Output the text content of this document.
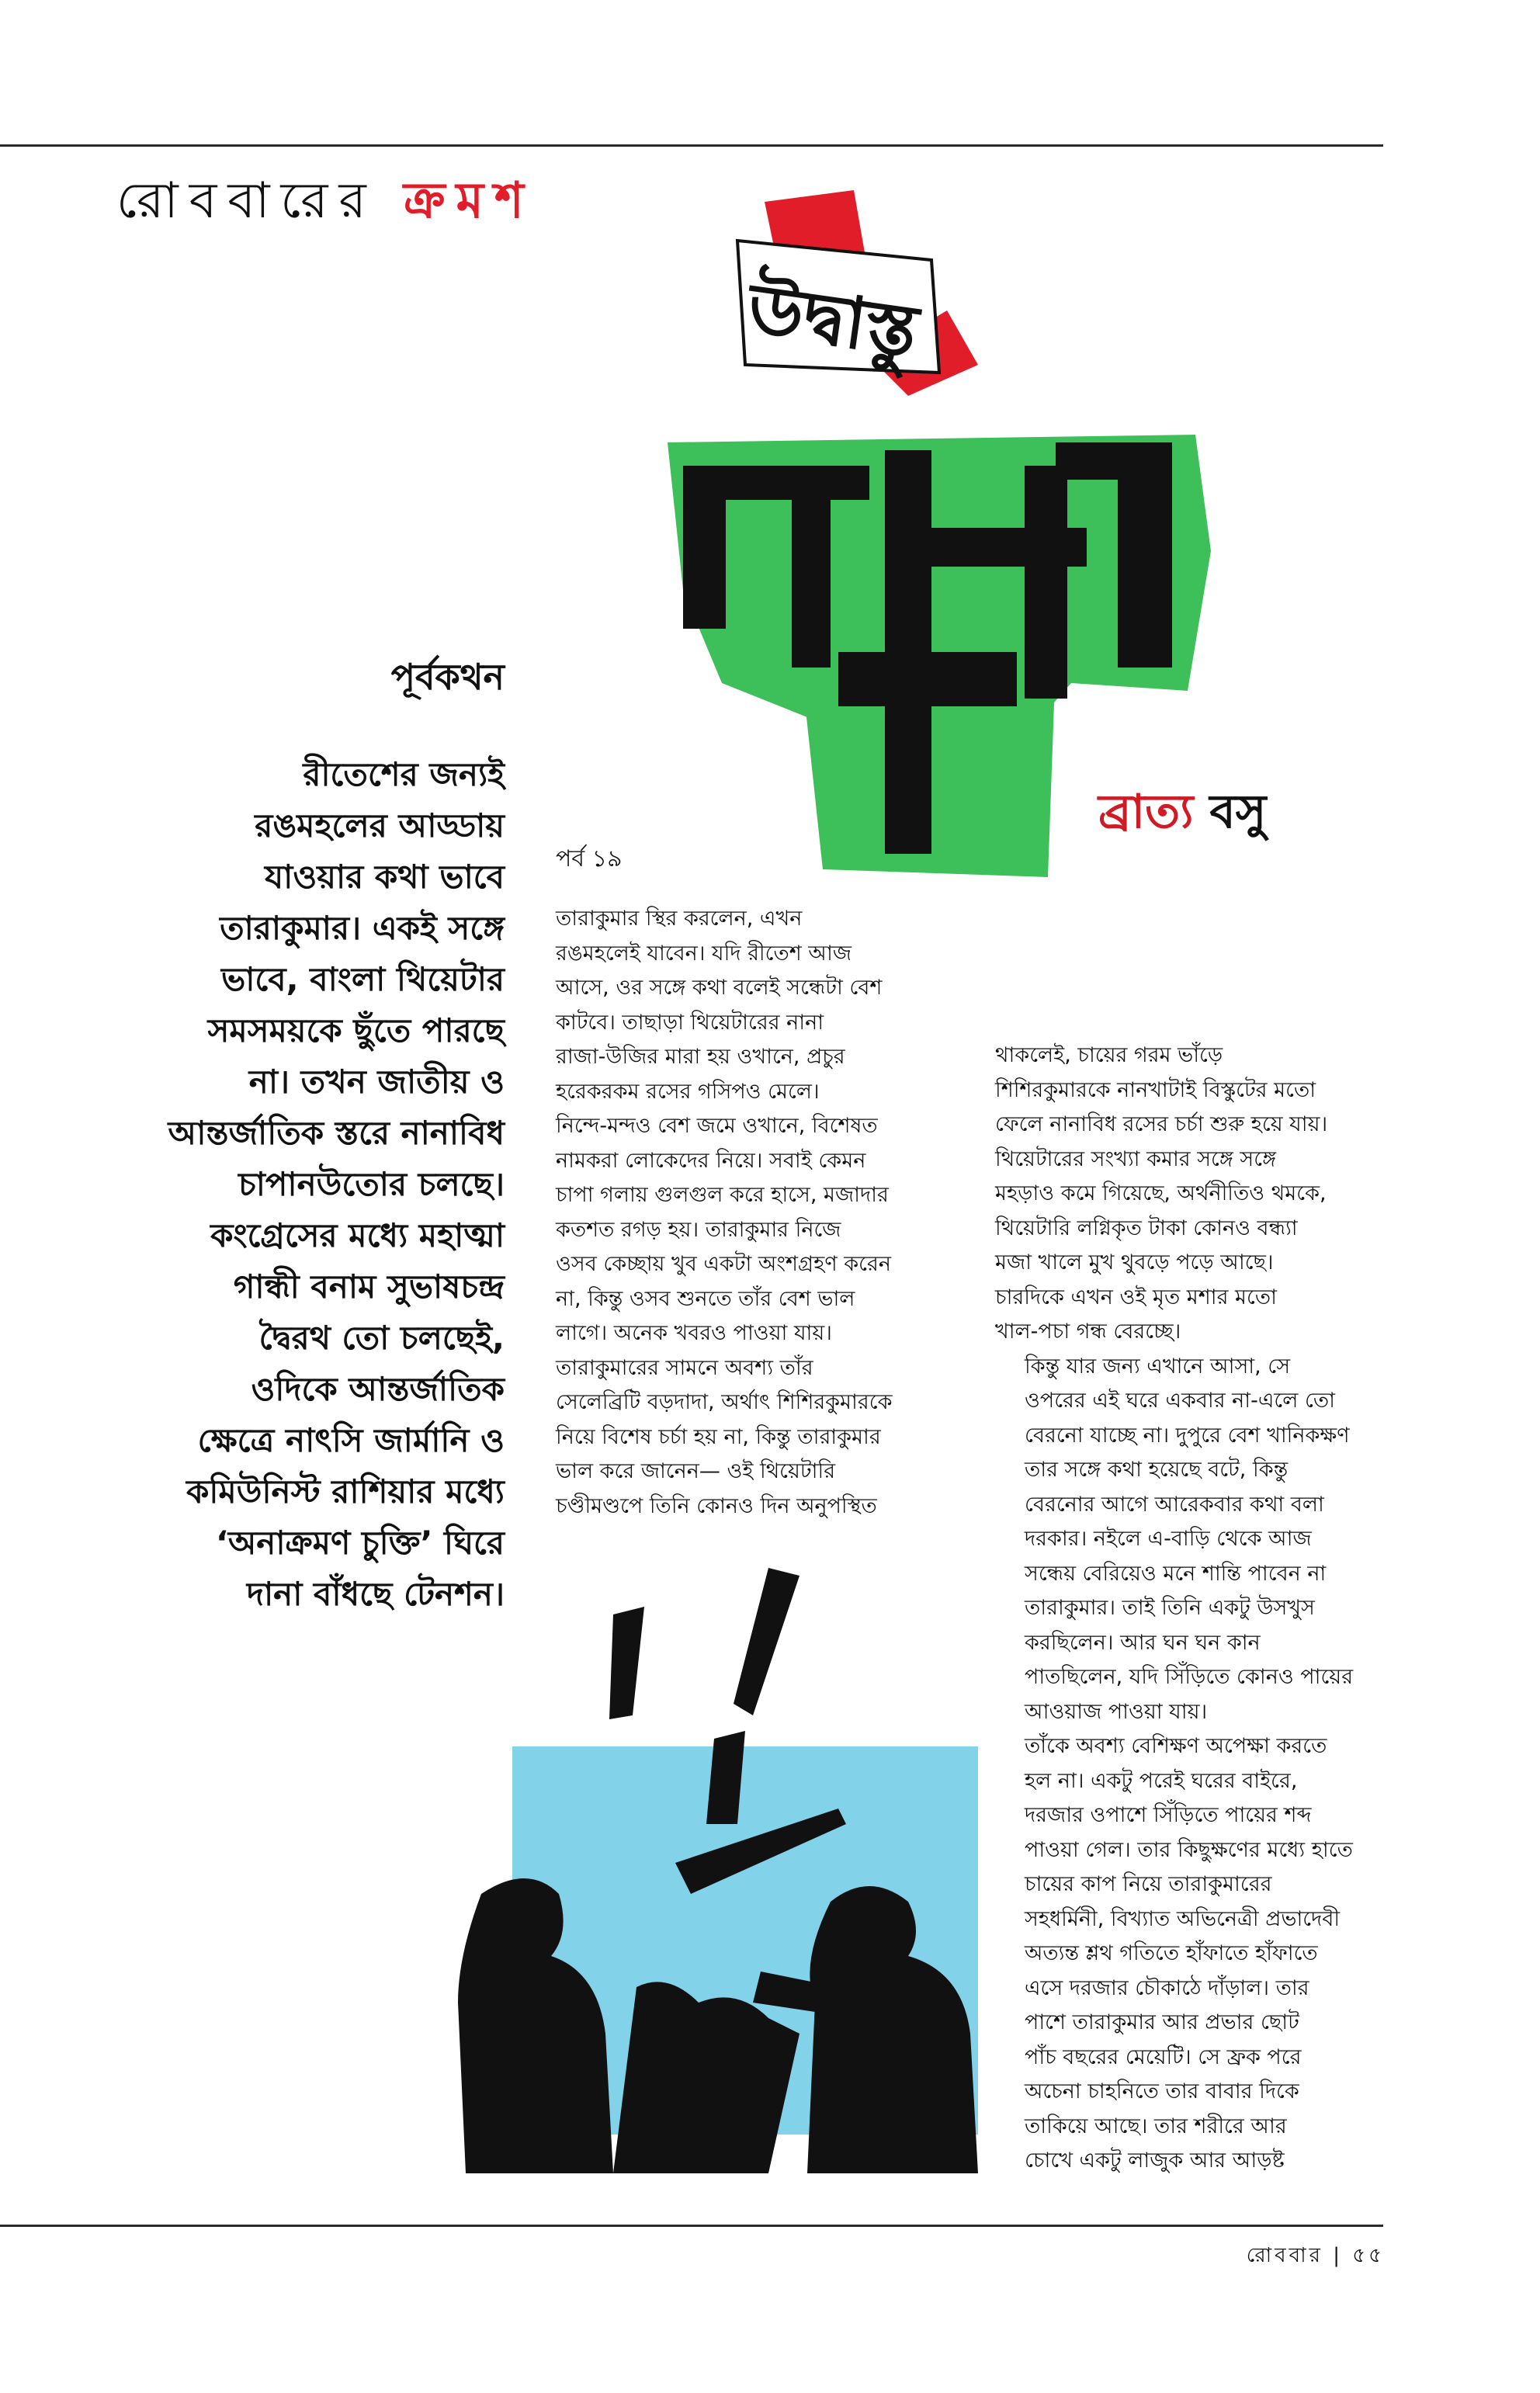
রোববারের ক্রমশ
উদ্বাস্তু
ব্রাত্য বসু
পূর্বকথন

রীতেশের জন্যই
রঙমহলের আড্ডায়
যাওয়ার কথা ভাবে
তারাকুমার। একই সঙ্গে
ভাবে, বাংলা থিয়েটার
সমসময়কে ছুঁতে পারছে
না। তখন জাতীয় ও
আন্তর্জাতিক স্তরে নানাবিধ
চাপানউতোর চলছে।
কংগ্রেসের মধ্যে মহাত্মা
গান্ধী বনাম সুভাষচন্দ্র
দ্বৈরথ তো চলছেই,
ওদিকে আন্তর্জাতিক
ক্ষেত্রে নাৎসি জার্মানি ও
কমিউনিস্ট রাশিয়ার মধ্যে
‘অনাক্রমণ চুক্তি’ ঘিরে
দানা বাঁধছে টেনশন।

পর্ব ১৯

তারাকুমার স্থির করলেন, এখন
রঙমহলেই যাবেন। যদি রীতেশ আজ
আসে, ওর সঙ্গে কথা বলেই সন্ধেটা বেশ
কাটবে। তাছাড়া থিয়েটারের নানা
রাজা-উজির মারা হয় ওখানে, প্রচুর
হরেকরকম রসের গসিপও মেলে।
নিন্দে-মন্দও বেশ জমে ওখানে, বিশেষত
নামকরা লোকেদের নিয়ে। সবাই কেমন
চাপা গলায় গুলগুল করে হাসে, মজাদার
কতশত রগড় হয়। তারাকুমার নিজে
ওসব কেচ্ছায় খুব একটা অংশগ্রহণ করেন
না, কিন্তু ওসব শুনতে তাঁর বেশ ভাল
লাগে। অনেক খবরও পাওয়া যায়।
তারাকুমারের সামনে অবশ্য তাঁর
সেলেব্রিটি বড়দাদা, অর্থাৎ শিশিরকুমারকে
নিয়ে বিশেষ চর্চা হয় না, কিন্তু তারাকুমার
ভাল করে জানেন— ওই থিয়েটারি
চণ্ডীমণ্ডপে তিনি কোনও দিন অনুপস্থিত

থাকলেই, চায়ের গরম ভাঁড়ে
শিশিরকুমারকে নানখাটাই বিস্কুটের মতো
ফেলে নানাবিধ রসের চর্চা শুরু হয়ে যায়।
থিয়েটারের সংখ্যা কমার সঙ্গে সঙ্গে
মহড়াও কমে গিয়েছে, অর্থনীতিও থমকে,
থিয়েটারি লগ্নিকৃত টাকা কোনও বন্ধ্যা
মজা খালে মুখ থুবড়ে পড়ে আছে।
চারদিকে এখন ওই মৃত মশার মতো
খাল-পচা গন্ধ বেরচ্ছে।

কিন্তু যার জন্য এখানে আসা, সে
ওপরের এই ঘরে একবার না-এলে তো
বেরনো যাচ্ছে না। দুপুরে বেশ খানিকক্ষণ
তার সঙ্গে কথা হয়েছে বটে, কিন্তু
বেরনোর আগে আরেকবার কথা বলা
দরকার। নইলে এ-বাড়ি থেকে আজ
সন্ধেয় বেরিয়েও মনে শান্তি পাবেন না
তারাকুমার। তাই তিনি একটু উসখুস
করছিলেন। আর ঘন ঘন কান
পাতছিলেন, যদি সিঁড়িতে কোনও পায়ের
আওয়াজ পাওয়া যায়।

তাঁকে অবশ্য বেশিক্ষণ অপেক্ষা করতে
হল না। একটু পরেই ঘরের বাইরে,
দরজার ওপাশে সিঁড়িতে পায়ের শব্দ
পাওয়া গেল। তার কিছুক্ষণের মধ্যে হাতে
চায়ের কাপ নিয়ে তারাকুমারের
সহধর্মিনী, বিখ্যাত অভিনেত্রী প্রভাদেবী
অত্যন্ত শ্লথ গতিতে হাঁফাতে হাঁফাতে
এসে দরজার চৌকাঠে দাঁড়াল। তার
পাশে তারাকুমার আর প্রভার ছোট
পাঁচ বছরের মেয়েটি। সে ফ্রক পরে
অচেনা চাহনিতে তার বাবার দিকে
তাকিয়ে আছে। তার শরীরে আর
চোখে একটু লাজুক আর আড়ষ্ট

রোববার | ৫৫
